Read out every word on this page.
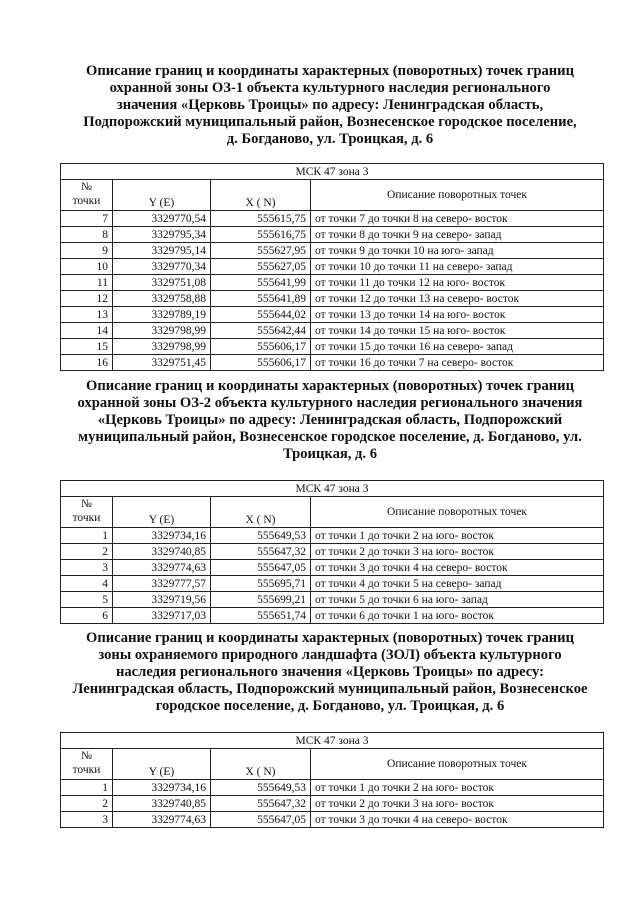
Описание границ и координаты характерных (поворотных) точек границ
охранной зоны ОЗ-1 объекта культурного наследия регионального
значения «Церковь Троицы» по адресу: Ленинградская область,
Подпорожский муниципальный район, Вознесенское городское поселение,
д. Богданово, ул. Троицкая, д. 6
МСК 47 зона 3			
№
точки	Y (E)	X ( N)	Описание поворотных точек
7	3329770,54	555615,75	от точки 7 до точки 8 на северо- восток
8	3329795,34	555616,75	от точки 8 до точки 9 на северо- запад
9	3329795,14	555627,95	от точки 9 до точки 10 на юго- запад
10	3329770,34	555627,05	от точки 10 до точки 11 на северо- запад
11	3329751,08	555641,99	от точки 11 до точки 12 на юго- восток
12	3329758,88	555641,89	от точки 12 до точки 13 на северо- восток
13	3329789,19	555644,02	от точки 13 до точки 14 на юго- восток
14	3329798,99	555642,44	от точки 14 до точки 15 на юго- восток
15	3329798,99	555606,17	от точки 15 до точки 16 на северо- запад
16	3329751,45	555606,17	от точки 16 до точки 7 на северо- восток
Описание границ и координаты характерных (поворотных) точек границ
охранной зоны ОЗ-2 объекта культурного наследия регионального значения
«Церковь Троицы» по адресу: Ленинградская область, Подпорожский
муниципальный район, Вознесенское городское поселение, д. Богданово, ул.
Троицкая, д. 6
МСК 47 зона 3			
№
точки	Y (E)	X ( N)	Описание поворотных точек
1	3329734,16	555649,53	от точки 1 до точки 2 на юго- восток
2	3329740,85	555647,32	от точки 2 до точки 3 на юго- восток
3	3329774,63	555647,05	от точки 3 до точки 4 на северо- восток
4	3329777,57	555695,71	от точки 4 до точки 5 на северо- запад
5	3329719,56	555699,21	от точки 5 до точки 6 на юго- запад
6	3329717,03	555651,74	от точки 6 до точки 1 на юго- восток
Описание границ и координаты характерных (поворотных) точек границ
зоны охраняемого природного ландшафта (ЗОЛ) объекта культурного
наследия регионального значения «Церковь Троицы» по адресу:
Ленинградская область, Подпорожский муниципальный район, Вознесенское
городское поселение, д. Богданово, ул. Троицкая, д. 6
МСК 47 зона 3			
№
точки	Y (E)	X ( N)	Описание поворотных точек
1	3329734,16	555649,53	от точки 1 до точки 2 на юго- восток
2	3329740,85	555647,32	от точки 2 до точки 3 на юго- восток
3	3329774,63	555647,05	от точки 3 до точки 4 на северо- восток
